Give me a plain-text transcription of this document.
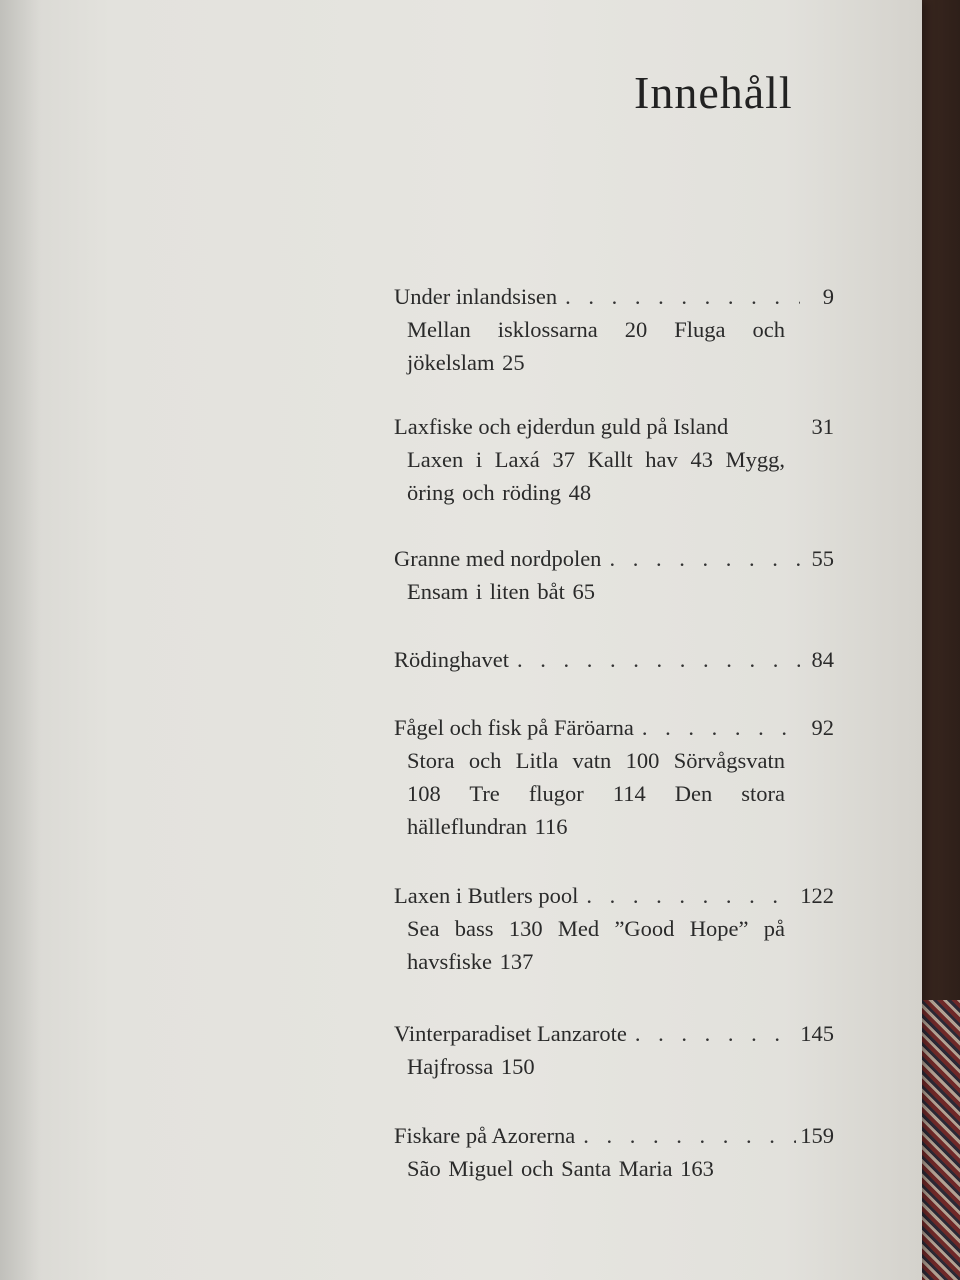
Innehåll
Under inlandsisen . . .	9
Mellan isklossarna 20 Fluga och jökelslam 25
Laxfiske och ejderdun guld på Island	31
Laxen i Laxá 37 Kallt hav 43 Mygg, öring och röding 48
Granne med nordpolen . . .	55
Ensam i liten båt 65
Rödinghavet . . .	84
Fågel och fisk på Färöarna . . .	92
Stora och Litla vatn 100 Sörvågsvatn 108 Tre flugor 114 Den stora hälleflundran 116
Laxen i Butlers pool . . .	122
Sea bass 130 Med ”Good Hope” på havsfiske 137
Vinterparadiset Lanzarote . . .	145
Hajfrossa 150
Fiskare på Azorerna . . .	159
São Miguel och Santa Maria 163
